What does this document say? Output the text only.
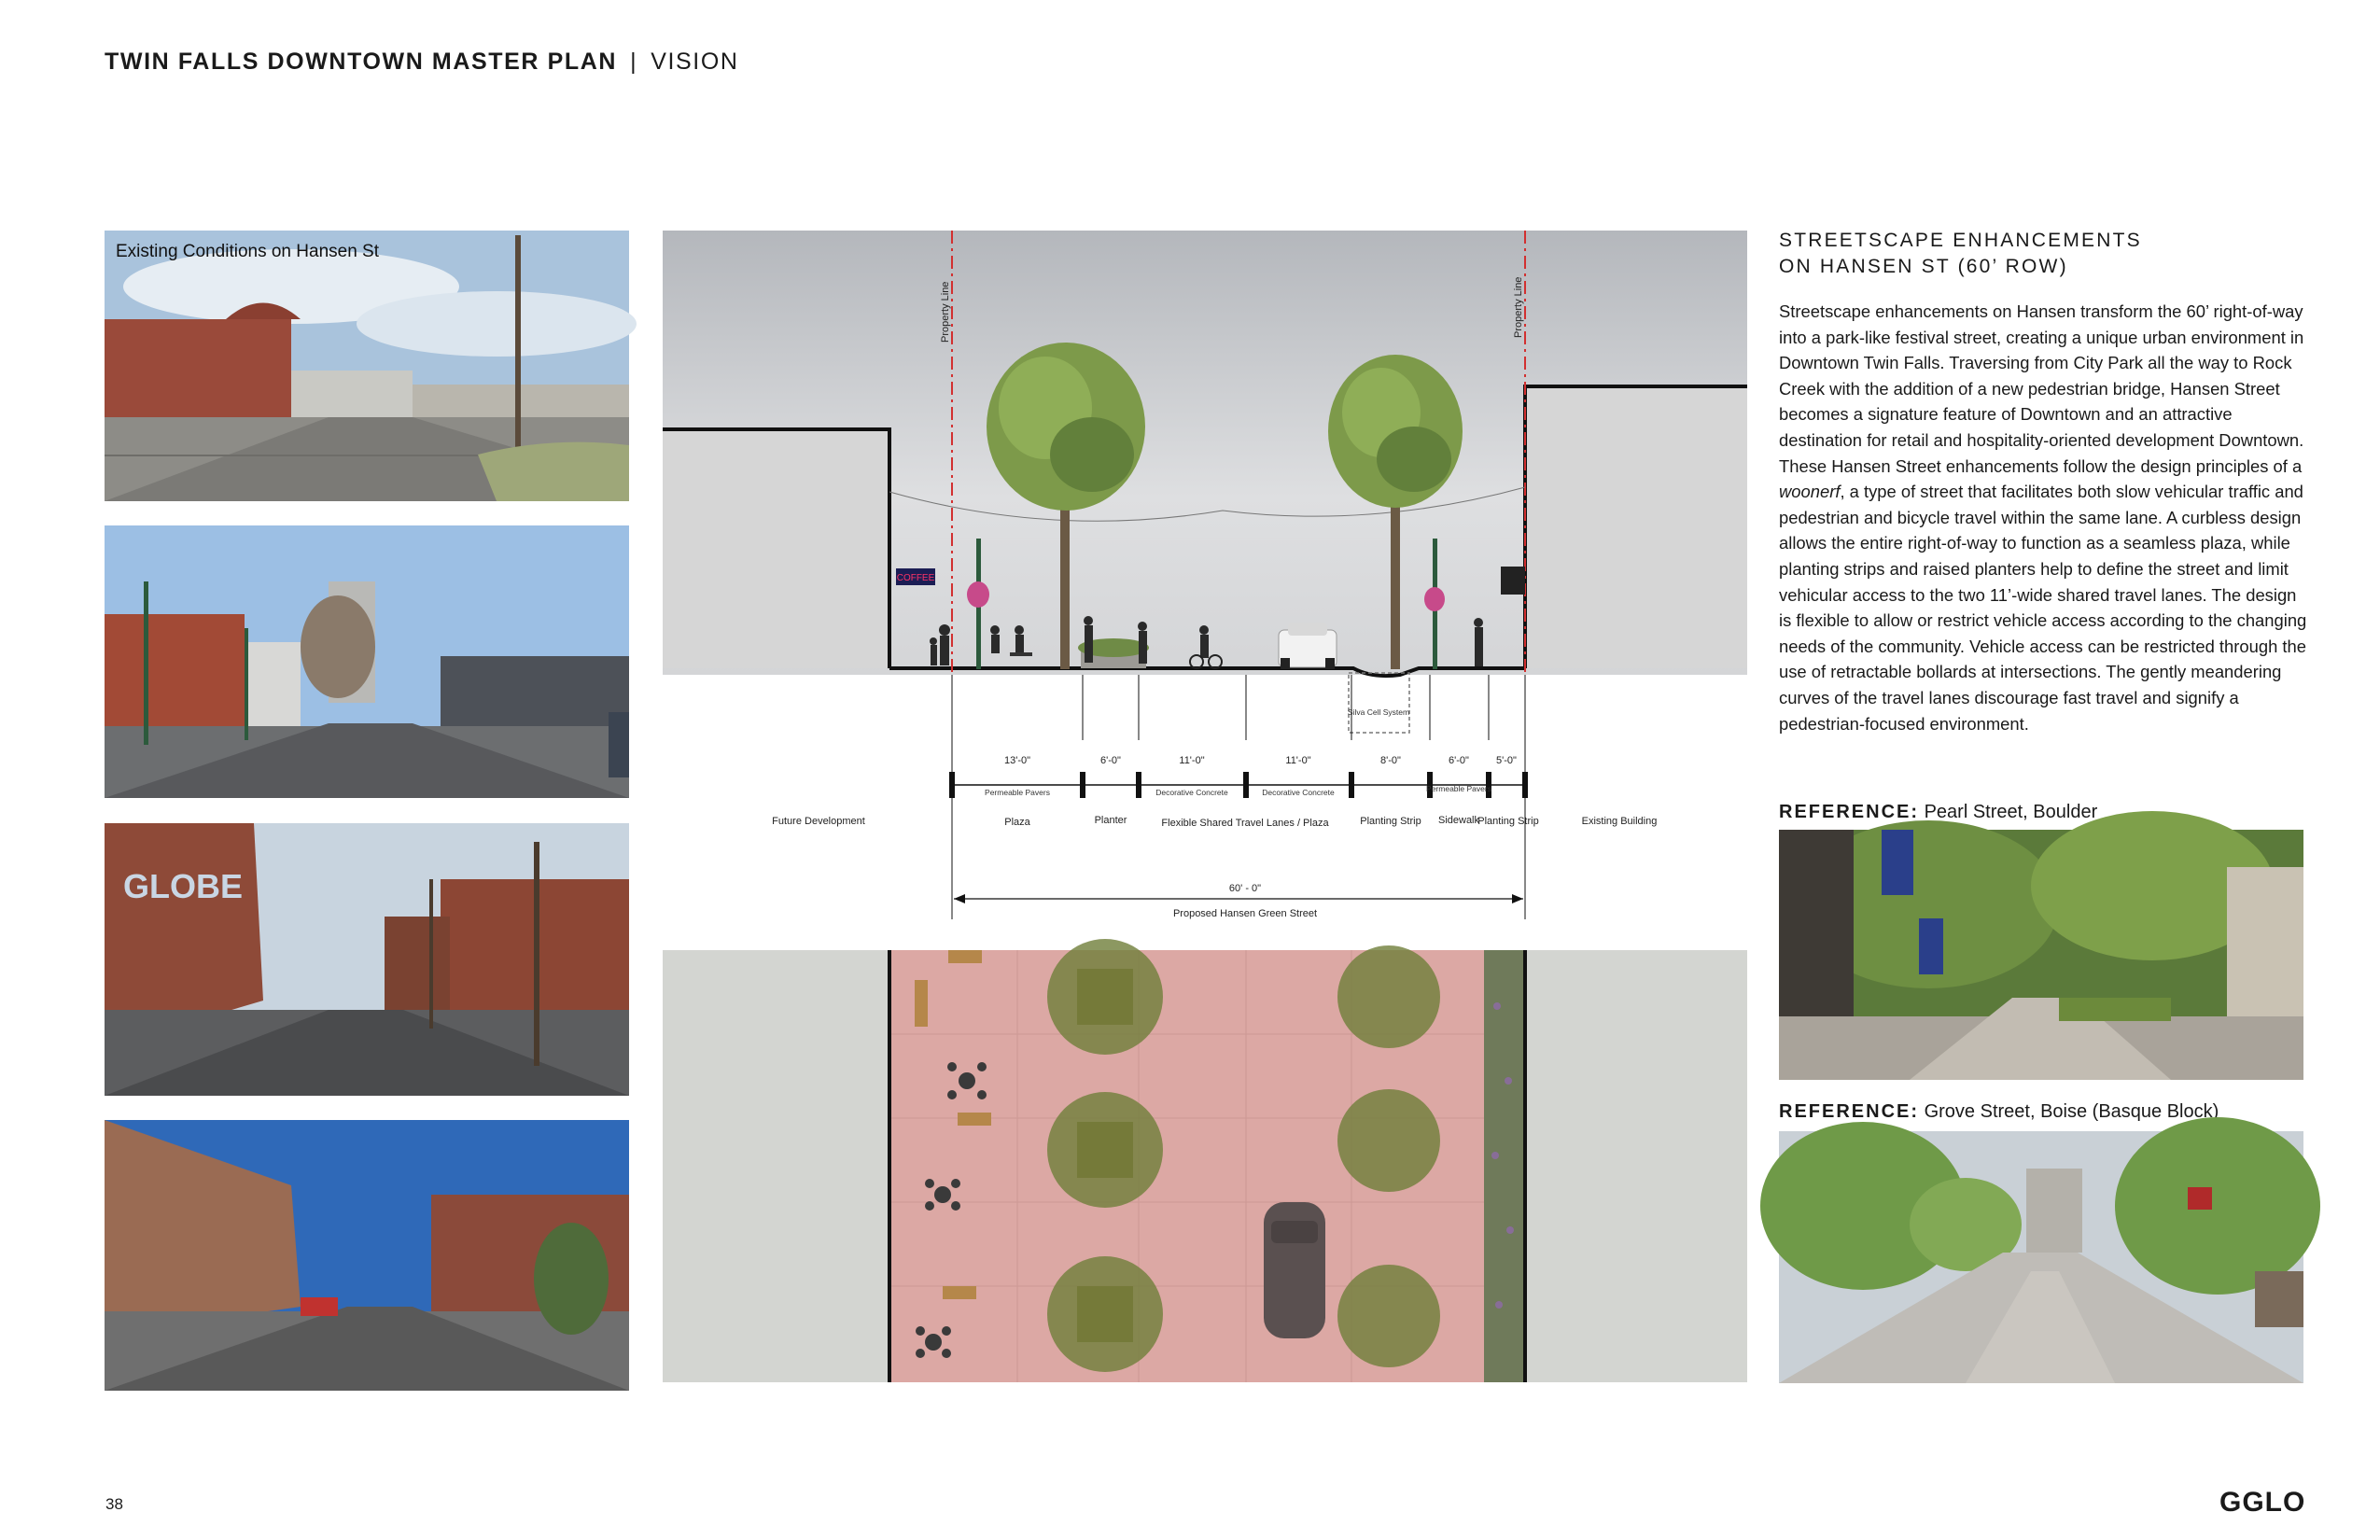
TWIN FALLS DOWNTOWN MASTER PLAN | VISION
Existing Conditions on Hansen St
GLOBE
Silva Cell System
Property Line	Property Line
COFFEE
13'-0"	6'-0"	11'-0"	11'-0"	8'-0"	6'-0"	5'-0"
Permeable Pavers	Decorative Concrete	Decorative Concrete	Permeable Pavers
Future Development	Plaza	Planter	Flexible Shared Travel Lanes / Plaza	Planting Strip Sidewalk
Planting Strip	Existing Building
60' - 0"
Proposed Hansen Green Street
STREETSCAPE ENHANCEMENTS
ON HANSEN ST (60’ ROW)

Streetscape enhancements on Hansen transform the 60’ right-of-way into a park-like festival street, creating a unique urban environment in Downtown Twin Falls. Traversing from City Park all the way to Rock Creek with the addition of a new pedestrian bridge, Hansen Street becomes a signature feature of Downtown and an attractive destination for retail and hospitality-oriented development Downtown. These Hansen Street enhancements follow the design principles of a woonerf, a type of street that facilitates both slow vehicular traffic and pedestrian and bicycle travel within the same lane. A curbless design allows the entire right-of-way to function as a seamless plaza, while planting strips and raised planters help to define the street and limit vehicular access to the two 11’-wide shared travel lanes. The design is flexible to allow or restrict vehicle access according to the changing needs of the community. Vehicle access can be restricted through the use of retractable bollards at intersections. The gently meandering curves of the travel lanes discourage fast travel and signify a pedestrian-focused environment.

REFERENCE: Pearl Street, Boulder
REFERENCE: Grove Street, Boise (Basque Block)
38	GGLO
